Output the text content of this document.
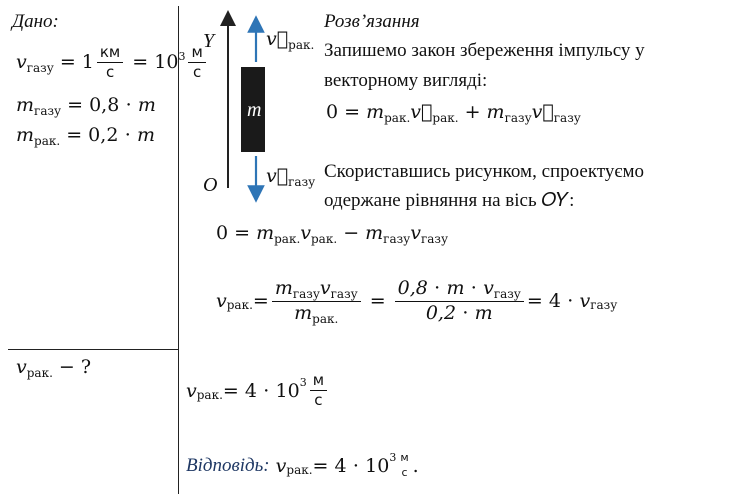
Дано:
𝑣$_{газу}$ = $1 \frac{км}{с} = 10^3 \frac{м}{с}$
𝑚$_{газу}$ = 0,8 ⋅ 𝑚
𝑚$_{рак.}$ = 0,2 ⋅ 𝑚
𝑣$_{рак.}$ − ?
Y
O
m
$𝑣⃗_{рак.}$
$𝑣⃗_{газу}$
Розв’язання
Запишемо закон збереження імпульсу у
векторному вигляді:
$0 = 𝑚_{рак.}𝑣⃗_{рак.}$ + $𝑚_{газу}𝑣⃗_{газу}$
Скориставшись рисунком, спроектуємо
одержане рівняння на вісь 𝑂𝑌:
0 = 𝑚$_{рак.}$𝑣$_{рак.}$ − 𝑚$_{газу}$𝑣$_{газу}$
𝑣 рак. = $\frac{𝑚_{газу}𝑣_{газу}}{𝑚_{рак.}} = \frac{0,8 \cdot 𝑚 \cdot 𝑣_{газу}}{\text{0,2 ⋅ 𝑚}} = 4$ ⋅ 𝑣 газу
𝑣 рак. = 4 ⋅ 10 $3 \frac{м}{с}$
Відповідь:
𝑣 рак. = 4 ⋅ 10 3 м
с .
